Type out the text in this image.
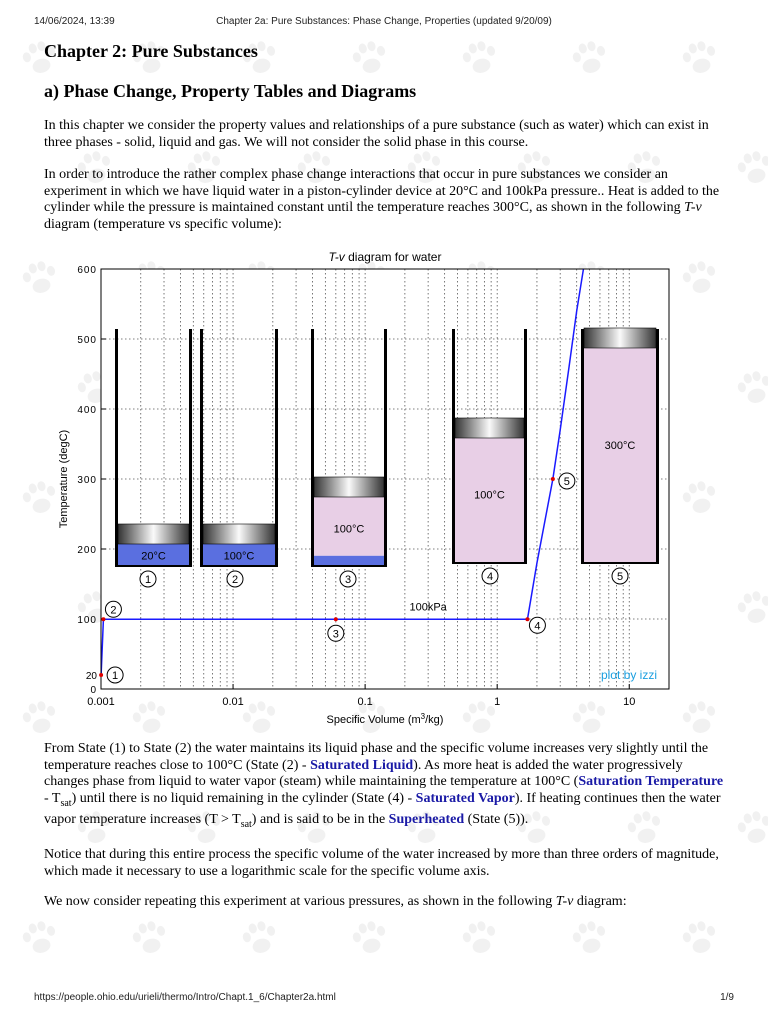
14/06/2024, 13:39	Chapter 2a: Pure Substances: Phase Change, Properties (updated 9/20/09)
Chapter 2: Pure Substances
a) Phase Change, Property Tables and Diagrams

In this chapter we consider the property values and relationships of a pure substance (such as water) which can exist in three phases - solid, liquid and gas. We will not consider the solid phase in this course.

In order to introduce the rather complex phase change interactions that occur in pure substances we consider an experiment in which we have liquid water in a piston-cylinder device at 20°C and 100kPa pressure.. Heat is added to the cylinder while the pressure is maintained constant until the temperature reaches 300°C, as shown in the following T-v diagram (temperature vs specific volume):

0.001	0.01	0.1	1	10
0
100
200
300
400
500
600
20
T-v diagram for water
Specific Volume $(m^3/kg)$
Temperature (degC)
20°C
1
100°C
2
100°C
3
100°C
4
300°C
5
1
2
3
4
5
100kPa
plot by izzi

From State (1) to State (2) the water maintains its liquid phase and the specific volume increases very slightly until the temperature reaches close to 100°C (State (2) - Saturated Liquid). As more heat is added the water progressively changes phase from liquid to water vapor (steam) while maintaining the temperature at 100°C (Saturation Temperature - $T_{sat}$) until there is no liquid remaining in the cylinder (State (4) - Saturated Vapor). If heating continues then the water vapor temperature increases $(T > T_{sat})$ and is said to be in the Superheated (State (5)).

Notice that during this entire process the specific volume of the water increased by more than three orders of magnitude, which made it necessary to use a logarithmic scale for the specific volume axis.

We now consider repeating this experiment at various pressures, as shown in the following T-v diagram:

https://people.ohio.edu/urieli/thermo/Intro/Chapt.1_6/Chapter2a.html	1/9
